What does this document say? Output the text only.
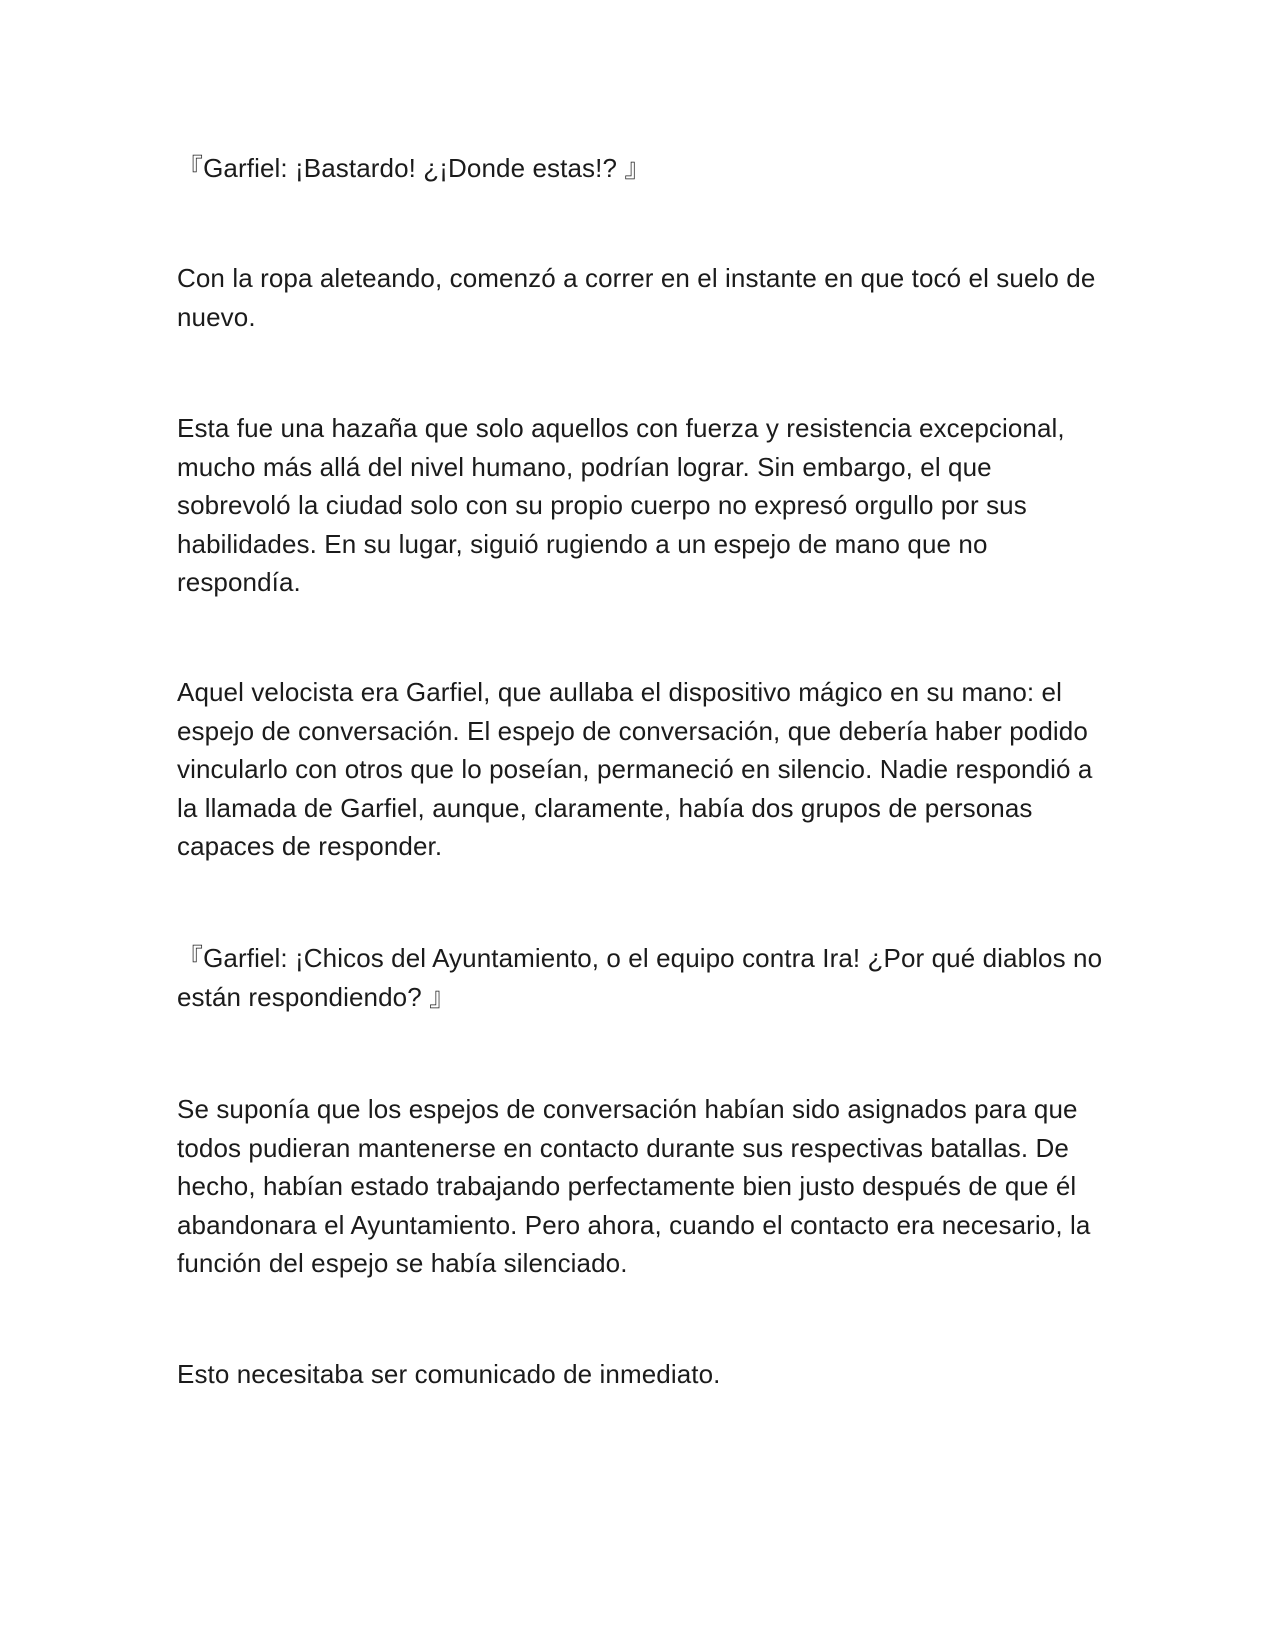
『Garfiel: ¡Bastardo! ¿¡Donde estas!? 』

Con la ropa aleteando, comenzó a correr en el instante en que tocó el suelo de nuevo.

Esta fue una hazaña que solo aquellos con fuerza y resistencia excepcional, mucho más allá del nivel humano, podrían lograr. Sin embargo, el que sobrevoló la ciudad solo con su propio cuerpo no expresó orgullo por sus habilidades. En su lugar, siguió rugiendo a un espejo de mano que no respondía.

Aquel velocista era Garfiel, que aullaba el dispositivo mágico en su mano: el espejo de conversación. El espejo de conversación, que debería haber podido vincularlo con otros que lo poseían, permaneció en silencio. Nadie respondió a la llamada de Garfiel, aunque, claramente, había dos grupos de personas capaces de responder.

『Garfiel: ¡Chicos del Ayuntamiento, o el equipo contra Ira! ¿Por qué diablos no están respondiendo? 』

Se suponía que los espejos de conversación habían sido asignados para que todos pudieran mantenerse en contacto durante sus respectivas batallas. De hecho, habían estado trabajando perfectamente bien justo después de que él abandonara el Ayuntamiento. Pero ahora, cuando el contacto era necesario, la función del espejo se había silenciado.

Esto necesitaba ser comunicado de inmediato.
